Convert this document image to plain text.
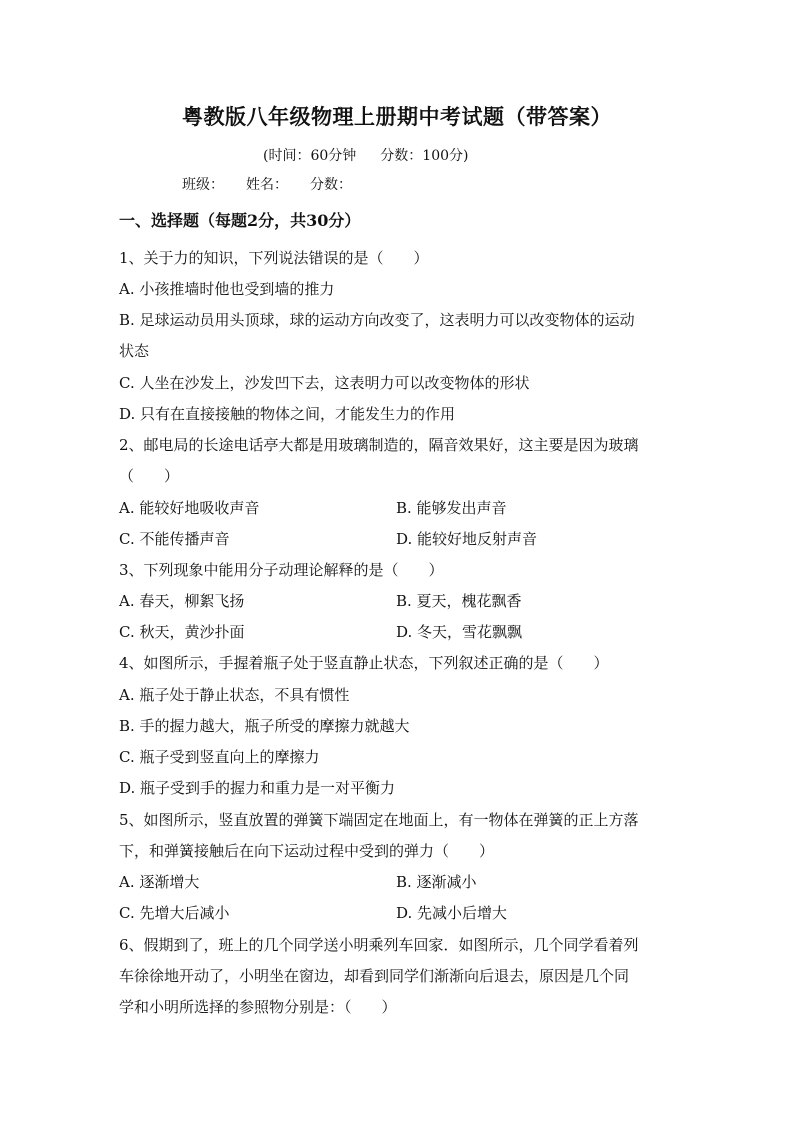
粤教版八年级物理上册期中考试题（带答案）
(时间：60分钟 分数：100分)
班级： 姓名： 分数：
一、选择题（每题2分，共30分）
1、关于力的知识，下列说法错误的是（　　）
A. 小孩推墙时他也受到墙的推力
B. 足球运动员用头顶球，球的运动方向改变了，这表明力可以改变物体的运动
状态
C. 人坐在沙发上，沙发凹下去，这表明力可以改变物体的形状
D. 只有在直接接触的物体之间，才能发生力的作用
2、邮电局的长途电话亭大都是用玻璃制造的，隔音效果好，这主要是因为玻璃
（　　）
A. 能较好地吸收声音	B. 能够发出声音
C. 不能传播声音	D. 能较好地反射声音
3、下列现象中能用分子动理论解释的是（　　）
A. 春天，柳絮飞扬	B. 夏天，槐花飘香
C. 秋天，黄沙扑面	D. 冬天，雪花飘飘
4、如图所示，手握着瓶子处于竖直静止状态，下列叙述正确的是（　　）
A. 瓶子处于静止状态，不具有惯性
B. 手的握力越大，瓶子所受的摩擦力就越大
C. 瓶子受到竖直向上的摩擦力
D. 瓶子受到手的握力和重力是一对平衡力
5、如图所示，竖直放置的弹簧下端固定在地面上，有一物体在弹簧的正上方落
下，和弹簧接触后在向下运动过程中受到的弹力（　　）
A. 逐渐增大	B. 逐渐减小
C. 先增大后减小	D. 先减小后增大
6、假期到了，班上的几个同学送小明乘列车回家．如图所示，几个同学看着列
车徐徐地开动了，小明坐在窗边，却看到同学们渐渐向后退去，原因是几个同
学和小明所选择的参照物分别是：（　　）
